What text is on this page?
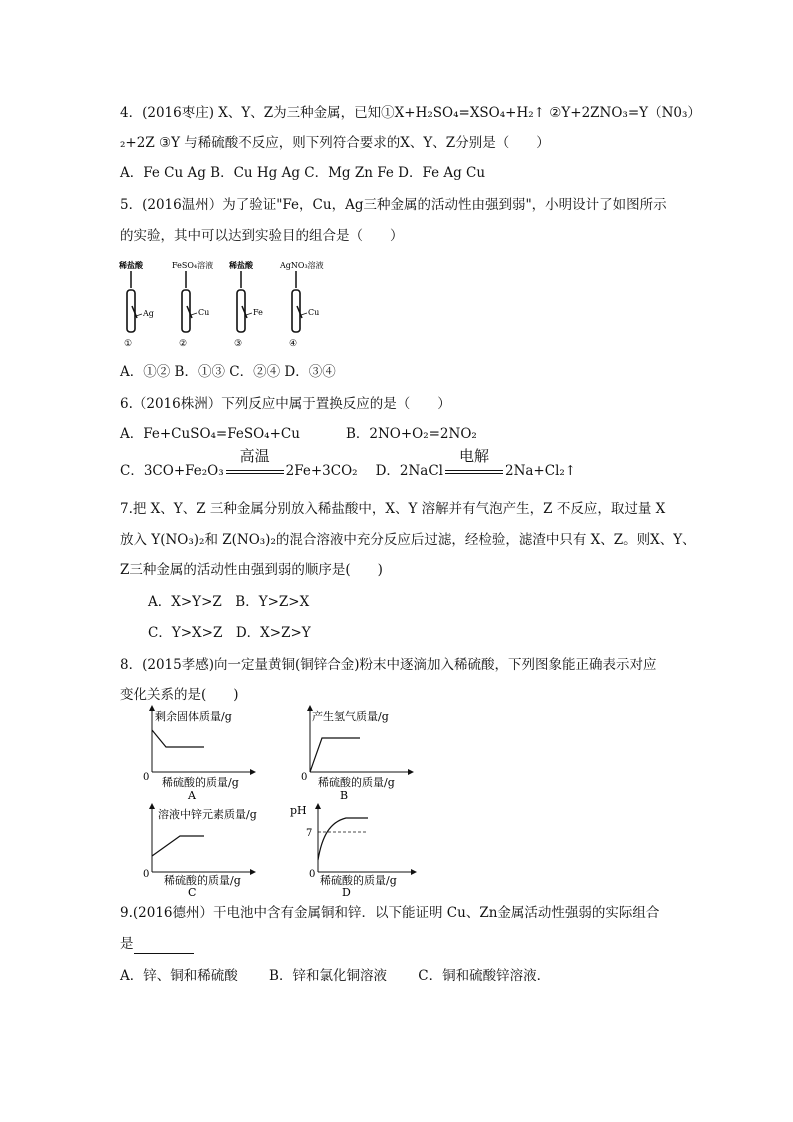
4．(2016枣庄) X、Y、Z为三种金属，已知①X+H₂SO₄=XSO₄+H₂↑ ②Y+2ZNO₃=Y（N0₃）
₂+2Z ③Y 与稀硫酸不反应，则下列符合要求的X、Y、Z分别是（　　）
A．Fe Cu Ag B．Cu Hg Ag C．Mg Zn Fe D．Fe Ag Cu
5．(2016温州）为了验证"Fe，Cu，Ag三种金属的活动性由强到弱"，小明设计了如图所示
的实验，其中可以达到实验目的组合是（　　）
稀盐酸
Ag
①
FeSO₄溶液
Cu
②
稀盐酸
Fe
③
AgNO₃溶液
Cu
④
A．①② B．①③ C．②④ D．③④
6.（2016株洲）下列反应中属于置换反应的是（　　）
A．Fe+CuSO₄=FeSO₄+Cu	B．2NO+O₂=2NO₂
C．3CO+Fe₂O₃
高温
2Fe+3CO₂ D．2NaCl
电解
2Na+Cl₂↑
7.把 X、Y、Z 三种金属分别放入稀盐酸中，X、Y 溶解并有气泡产生，Z 不反应，取过量 X
放入 Y(NO₃)₂和 Z(NO₃)₂的混合溶液中充分反应后过滤，经检验，滤渣中只有 X、Z。则X、Y、
Z三种金属的活动性由强到弱的顺序是(　　)
A．X>Y>Z　B．Y>Z>X
C．Y>X>Z　D．X>Z>Y
8．(2015孝感)向一定量黄铜(铜锌合金)粉末中逐滴加入稀硫酸，下列图象能正确表示对应
变化关系的是(　　)
剩余固体质量/g
0 稀硫酸的质量/g
A
产生氢气质量/g
0 稀硫酸的质量/g
B
溶液中锌元素质量/g
0 稀硫酸的质量/g
C
pH
7
0 稀硫酸的质量/g
D
9.(2016德州）干电池中含有金属铜和锌．以下能证明 Cu、Zn金属活动性强弱的实际组合
是
A．锌、铜和稀硫酸　　 B．锌和氯化铜溶液　　 C．铜和硫酸锌溶液．
